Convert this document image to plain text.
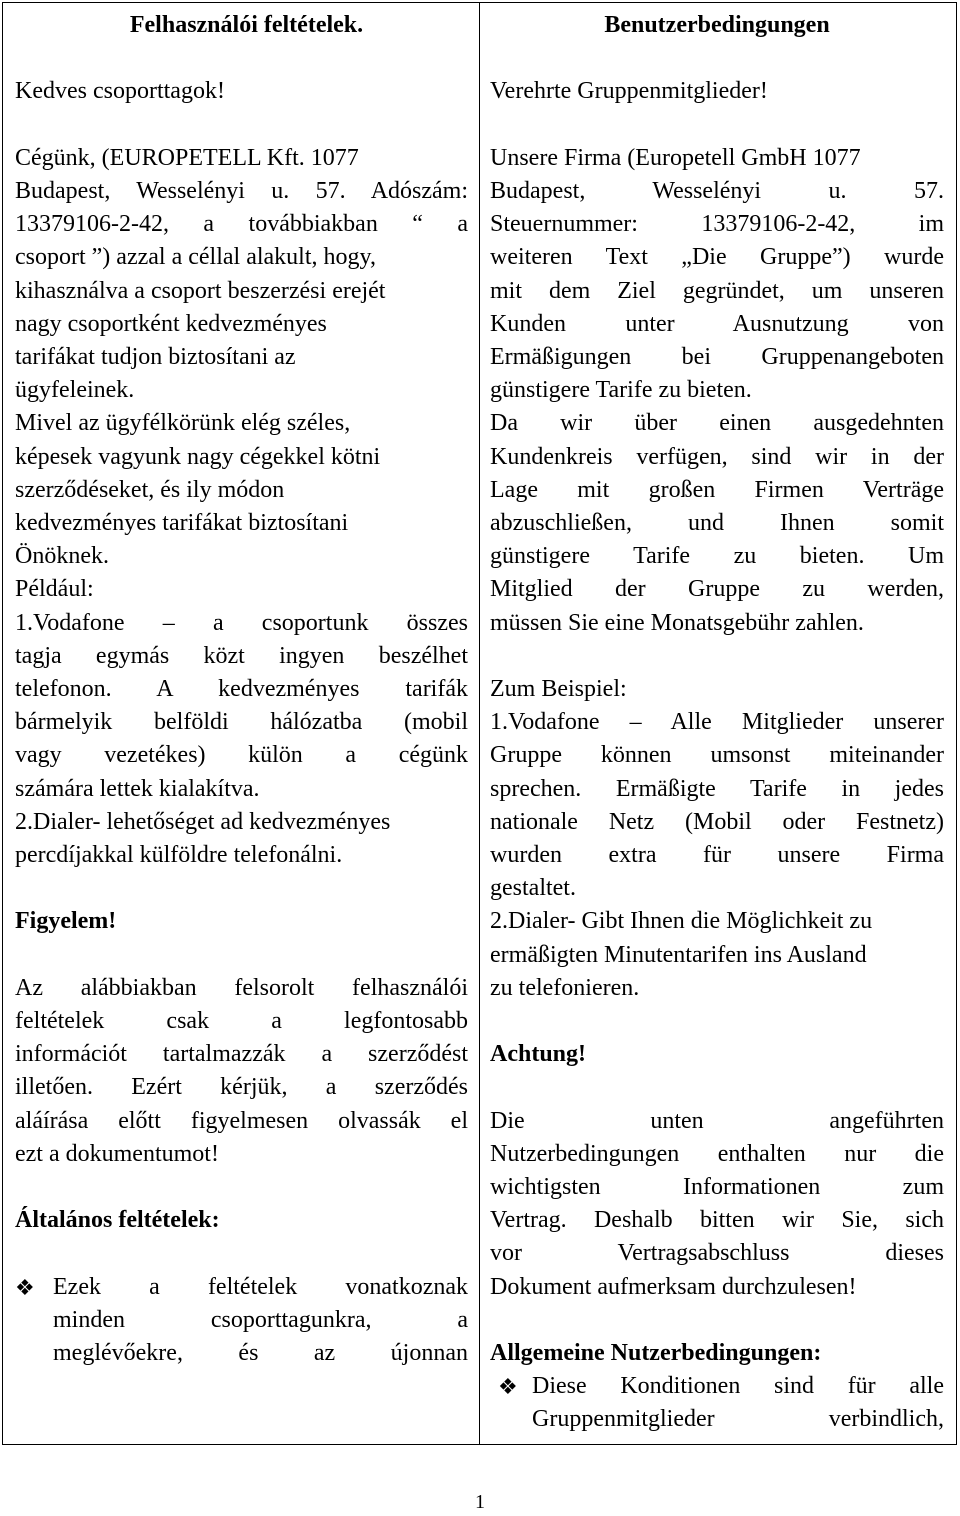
Felhasználói feltételek.

Kedves csoporttagok!

Cégünk, (EUROPETELL Kft. 1077

Budapest, Wesselényi u. 57. Adószám:

13379106-2-42, a továbbiakban “ a

csoport ”) azzal a céllal alakult, hogy,

kihasználva a csoport beszerzési erejét

nagy csoportként kedvezményes

tarifákat tudjon biztosítani az

ügyfeleinek.

Mivel az ügyfélkörünk elég széles,

képesek vagyunk nagy cégekkel kötni

szerződéseket, és ily módon

kedvezményes tarifákat biztosítani

Önöknek.

Például:

1.Vodafone – a csoportunk összes

tagja egymás közt ingyen beszélhet

telefonon. A kedvezményes tarifák

bármelyik belföldi hálózatba (mobil

vagy vezetékes) külön a cégünk

számára lettek kialakítva.

2.Dialer- lehetőséget ad kedvezményes

percdíjakkal külföldre telefonálni.

Figyelem!

Az alábbiakban felsorolt felhasználói

feltételek csak a legfontosabb

információt tartalmazzák a szerződést

illetően. Ezért kérjük, a szerződés

aláírása előtt figyelmesen olvassák el

ezt a dokumentumot!

Általános feltételek:

❖ Ezek a feltételek vonatkoznak

minden csoporttagunkra, a

meglévőekre, és az újonnan

Benutzerbedingungen

Verehrte Gruppenmitglieder!

Unsere Firma (Europetell GmbH 1077

Budapest, Wesselényi u. 57.

Steuernummer: 13379106-2-42, im

weiteren Text „Die Gruppe”) wurde

mit dem Ziel gegründet, um unseren

Kunden unter Ausnutzung von

Ermäßigungen bei Gruppenangeboten

günstigere Tarife zu bieten.

Da wir über einen ausgedehnten

Kundenkreis verfügen, sind wir in der

Lage mit großen Firmen Verträge

abzuschließen, und Ihnen somit

günstigere Tarife zu bieten. Um

Mitglied der Gruppe zu werden,

müssen Sie eine Monatsgebühr zahlen.

Zum Beispiel:

1.Vodafone – Alle Mitglieder unserer

Gruppe können umsonst miteinander

sprechen. Ermäßigte Tarife in jedes

nationale Netz (Mobil oder Festnetz)

wurden extra für unsere Firma

gestaltet.

2.Dialer- Gibt Ihnen die Möglichkeit zu

ermäßigten Minutentarifen ins Ausland

zu telefonieren.

Achtung!

Die unten angeführten

Nutzerbedingungen enthalten nur die

wichtigsten Informationen zum

Vertrag. Deshalb bitten wir Sie, sich

vor Vertragsabschluss dieses

Dokument aufmerksam durchzulesen!

Allgemeine Nutzerbedingungen:

❖ Diese Konditionen sind für alle

Gruppenmitglieder verbindlich,

1
